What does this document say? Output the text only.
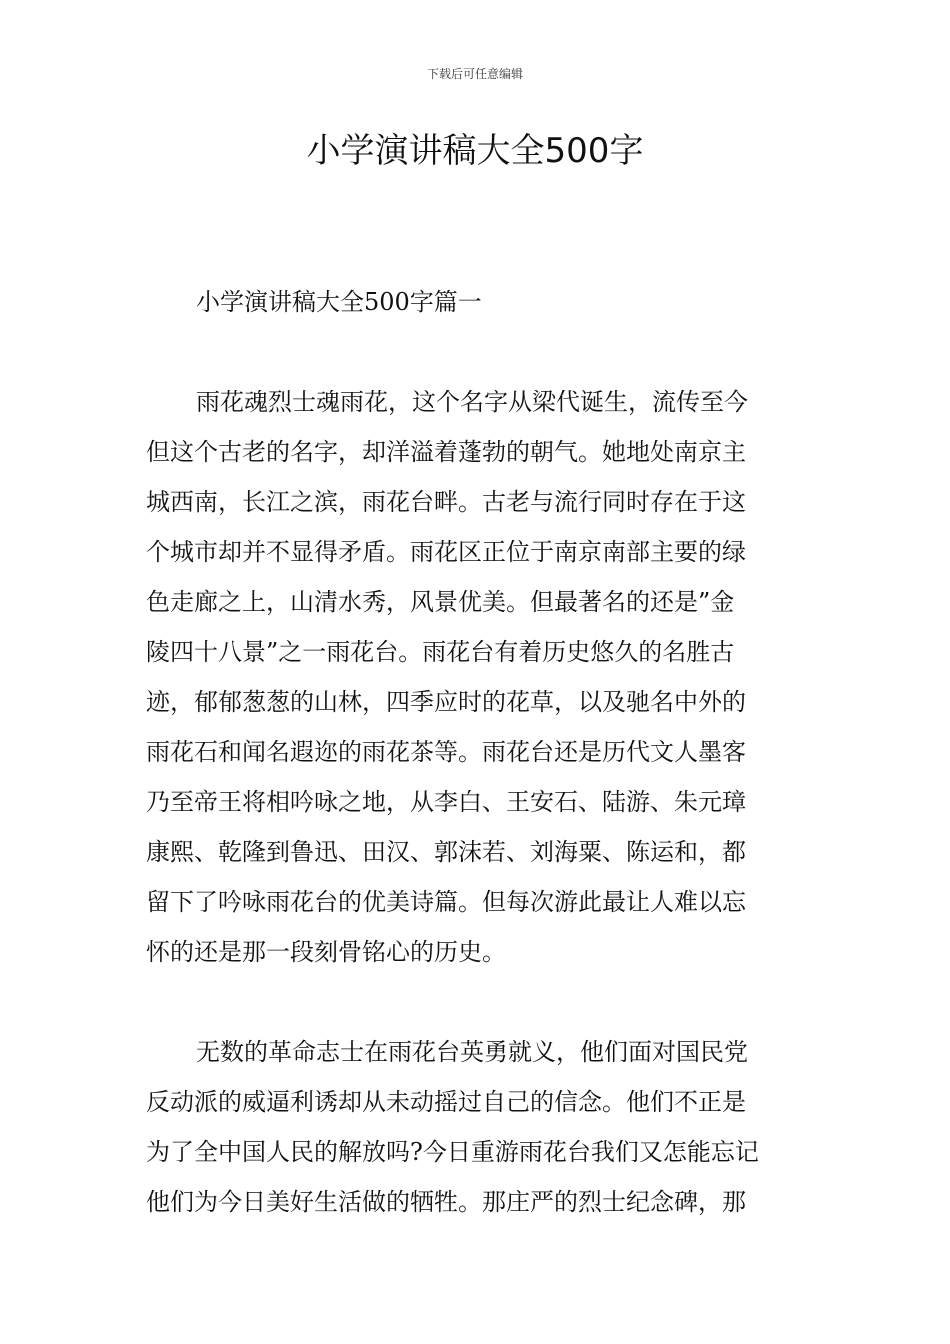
下载后可任意编辑
小学演讲稿大全500字
小学演讲稿大全500字篇一
雨花魂烈士魂雨花，这个名字从梁代诞生，流传至今
但这个古老的名字，却洋溢着蓬勃的朝气。她地处南京主
城西南，长江之滨，雨花台畔。古老与流行同时存在于这
个城市却并不显得矛盾。雨花区正位于南京南部主要的绿
色走廊之上，山清水秀，风景优美。但最著名的还是”金
陵四十八景”之一雨花台。雨花台有着历史悠久的名胜古
迹，郁郁葱葱的山林，四季应时的花草，以及驰名中外的
雨花石和闻名遐迩的雨花茶等。雨花台还是历代文人墨客
乃至帝王将相吟咏之地，从李白、王安石、陆游、朱元璋
康熙、乾隆到鲁迅、田汉、郭沫若、刘海粟、陈运和，都
留下了吟咏雨花台的优美诗篇。但每次游此最让人难以忘
怀的还是那一段刻骨铭心的历史。
无数的革命志士在雨花台英勇就义，他们面对国民党
反动派的威逼利诱却从未动摇过自己的信念。他们不正是
为了全中国人民的解放吗?今日重游雨花台我们又怎能忘记
他们为今日美好生活做的牺牲。那庄严的烈士纪念碑，那
